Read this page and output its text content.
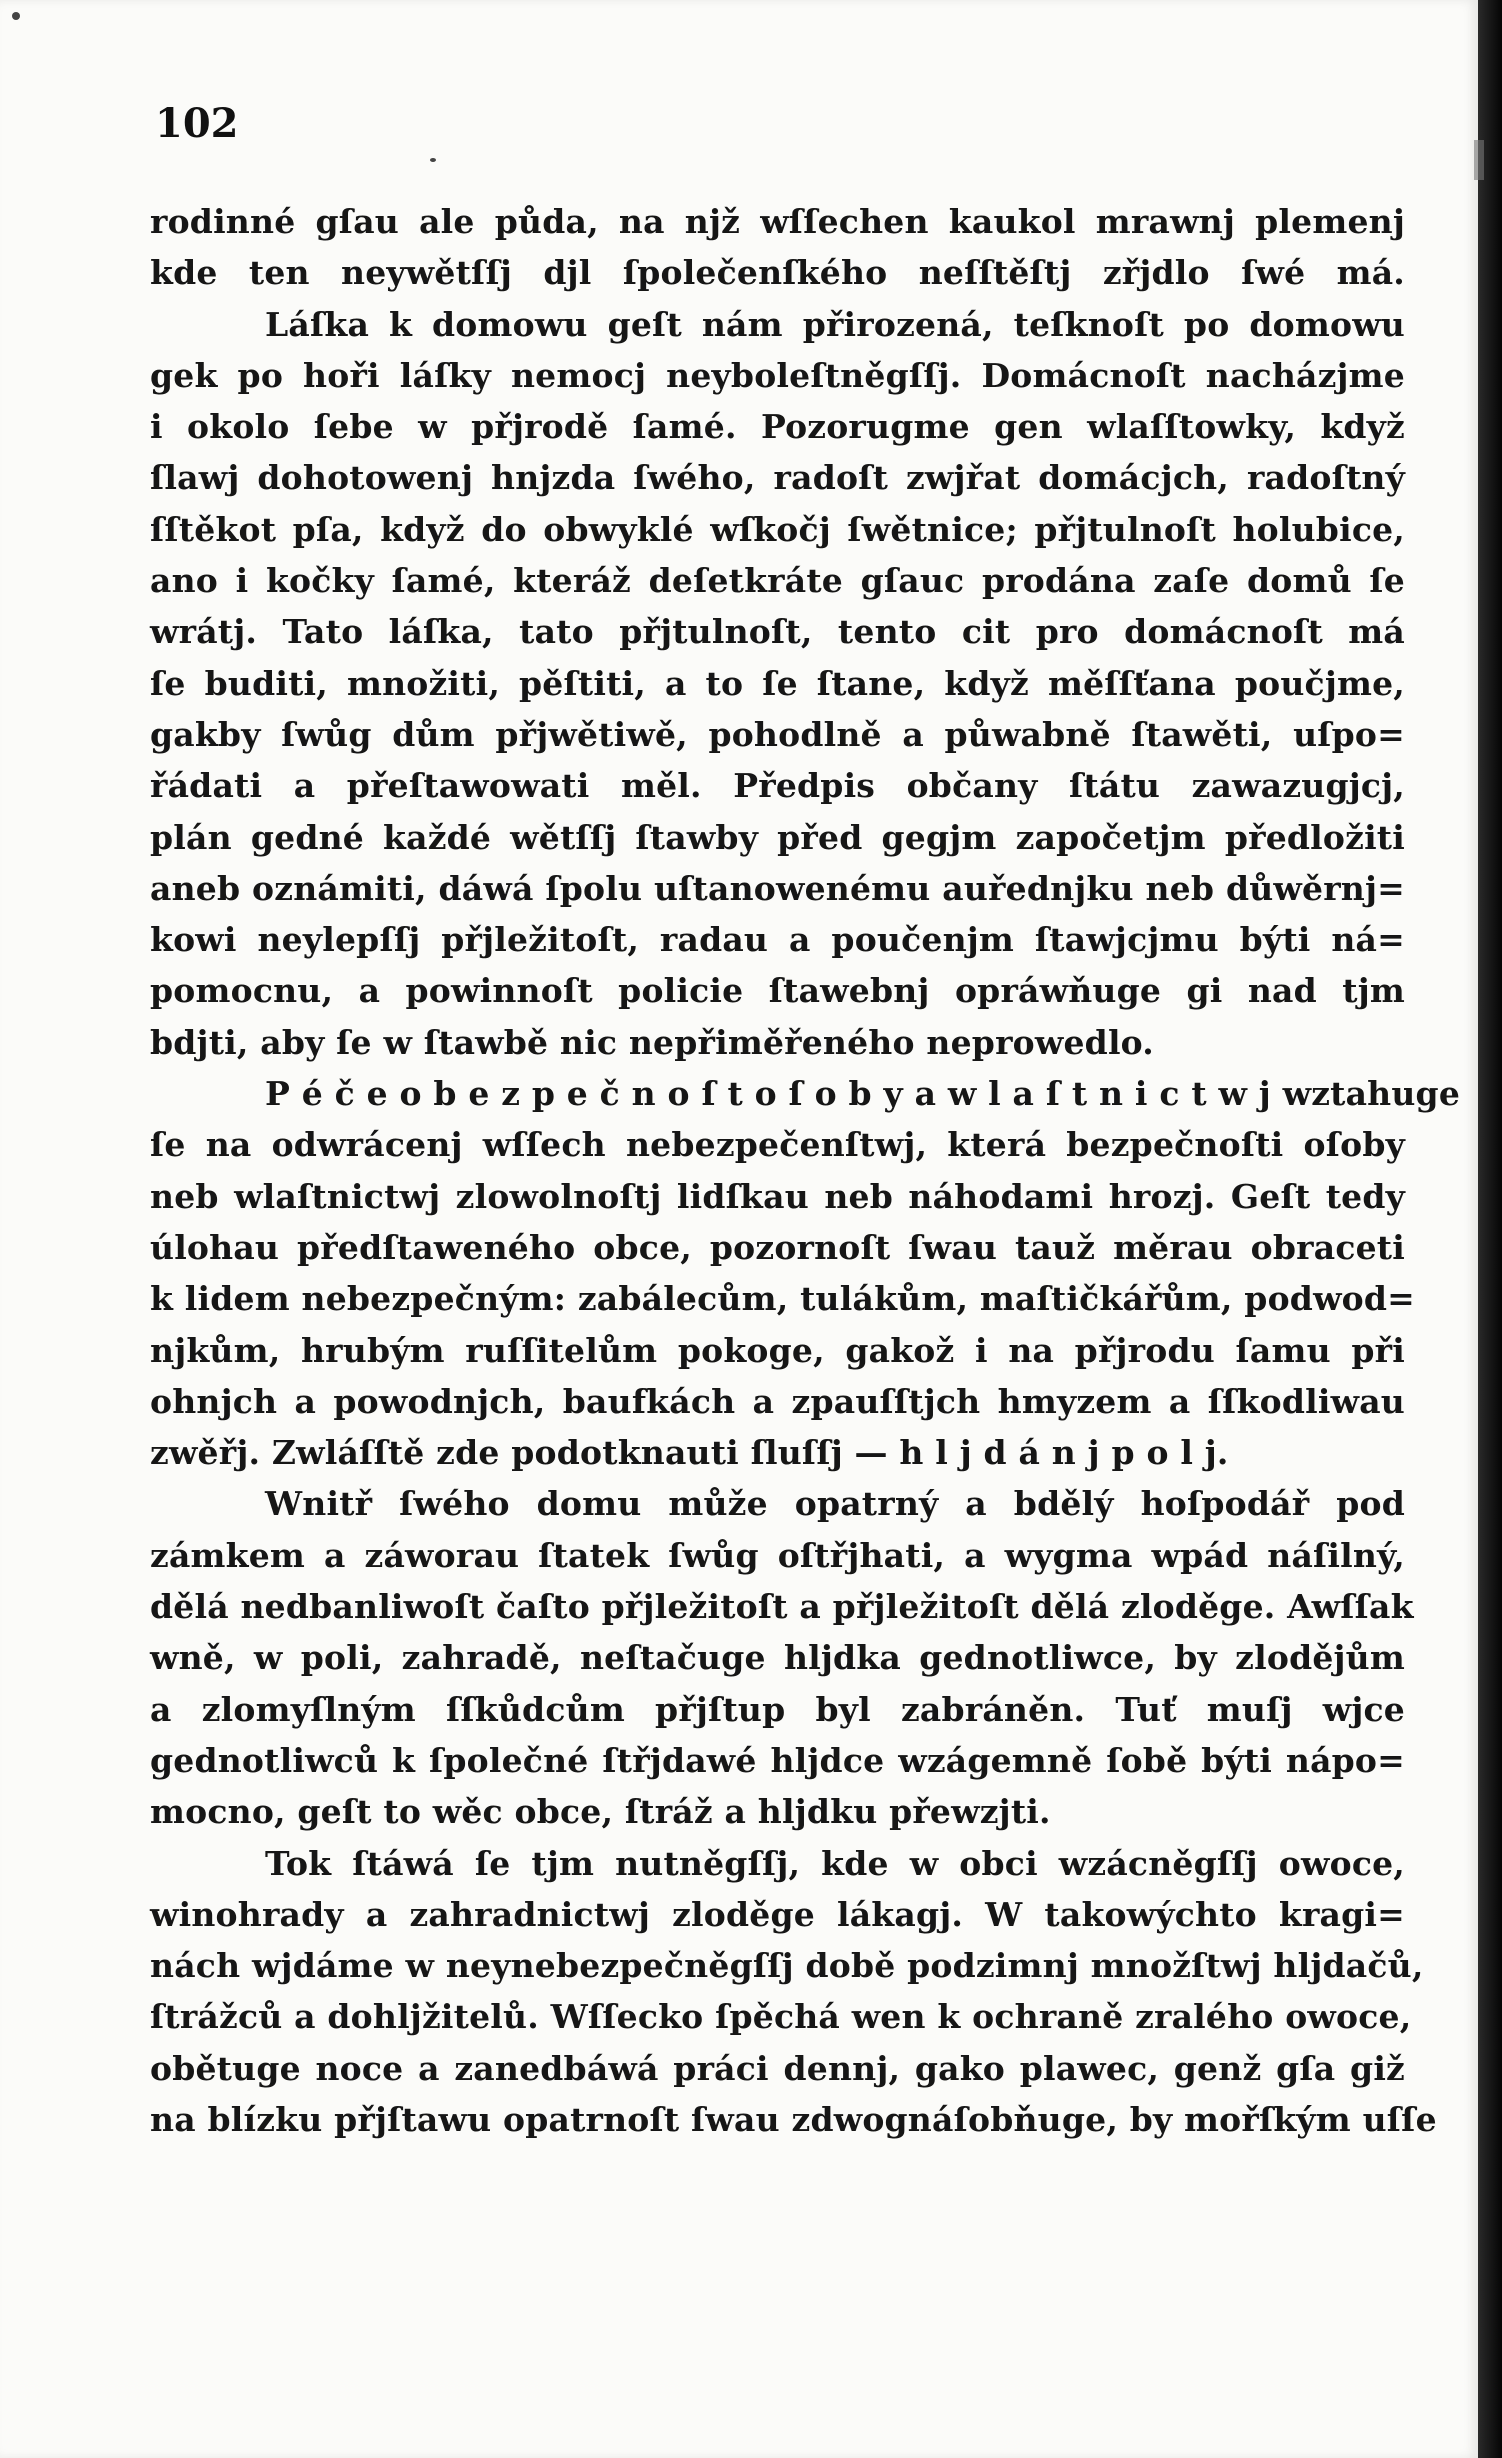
102
rodinné gſau ale půda, na njž wſſechen kaukol mrawnj plemenj
kde ten neywětſſj djl ſpolečenſkého neſſtěſtj zřjdlo ſwé má.
Láſka k domowu geſt nám přirozená, teſknoſt po domowu
gek po hoři láſky nemocj neybolеſtněgſſj. Domácnoſt nacházjme
i okolo ſebe w přjrodě ſamé. Pozorugme gen wlaſſtowky, když
ſlawj dohotowenj hnjzda ſwého, radoſt zwjřat domácjch, radoſtný
ſſtěkot pſa, když do obwyklé wſkočj ſwětnice; přjtulnoſt holubice,
ano i kočky ſamé, kteráž deſetkráte gſauc prodána zaſe domů ſe
wrátj. Tato láſka, tato přjtulnoſt, tento cit pro domácnoſt má
ſe buditi, množiti, pěſtiti, a to ſe ſtane, když měſſťana poučjme,
gakby ſwůg dům přjwětiwě, pohodlně a půwabně ſtawěti, uſpo=
řádati a přeſtawowati měl. Předpis občany ſtátu zawazugjcj,
plán gedné každé wětſſj ſtawby před gegjm započetjm předložiti
aneb oznámiti, dáwá ſpolu uſtanowenému auřednjku neb důwěrnj=
kowi neylepſſj přjležitoſt, radau a poučenjm ſtawjcjmu býti ná=
pomocnu, a powinnoſt policie ſtawebnj opráwňuge gi nad tjm
bdjti, aby ſe w ſtawbě nic nepřiměřeného neprowedlo.
P é č e o b e z p e č n o ſ t o ſ o b y a w l a ſ t n i c t w j wztahuge
ſe na odwrácenj wſſech nebezpečenſtwj, která bezpečnoſti oſoby
neb wlaſtnictwj zlowolnoſtj lidſkau neb náhodami hrozj. Geſt tedy
úlohau předſtaweného obce, pozornoſt ſwau tauž měrau obraceti
k lidem nebezpečným: zabáleсům, tulákům, maſtičkářům, podwod=
njkům, hrubým ruſſitelům pokoge, gakož i na přjrodu ſamu při
ohnjch a powodnjch, baufkách a zpauſſtjch hmyzem a ſſkodliwau
zwěřj. Zwláſſtě zde podotknauti ſluſſj — h l j d á n j p o l j.
Wnitř ſwého domu může opatrný a bdělý hoſpodář pod
zámkem a záworau ſtatek ſwůg oſtřjhati, a wygma wpád náſilný,
dělá nedbanliwoſt čaſto přjležitoſt a přjležitoſt dělá zloděge. Awſſak
wně, w poli, zahradě, neſtačuge hljdka gednotliwce, by zlodějům
a zlomyſlným ſſkůdcům přjſtup byl zabráněn. Tuť muſj wjce
gednotliwců k ſpolečné ſtřjdawé hljdce wzágemně ſobě býti nápo=
mocno, geſt to wěc obce, ſtráž a hljdku přewzjti.
Tok ſtáwá ſe tjm nutněgſſj, kde w obci wzácněgſſj owoce,
winohrady a zahradnictwj zloděge lákagj. W takowýchto kragi=
nách wjdáme w neynebezpečněgſſj době podzimnj množſtwj hljdačů,
ſtrážců a dohljžitelů. Wſſecko ſpěchá wen k ochraně zralého owoce,
obětuge noce a zanedbáwá práci dennj, gako plawec, genž gſa giž
na blízku přjſtawu opatrnoſt ſwau zdwognáſobňuge, by mořſkým uſſe
